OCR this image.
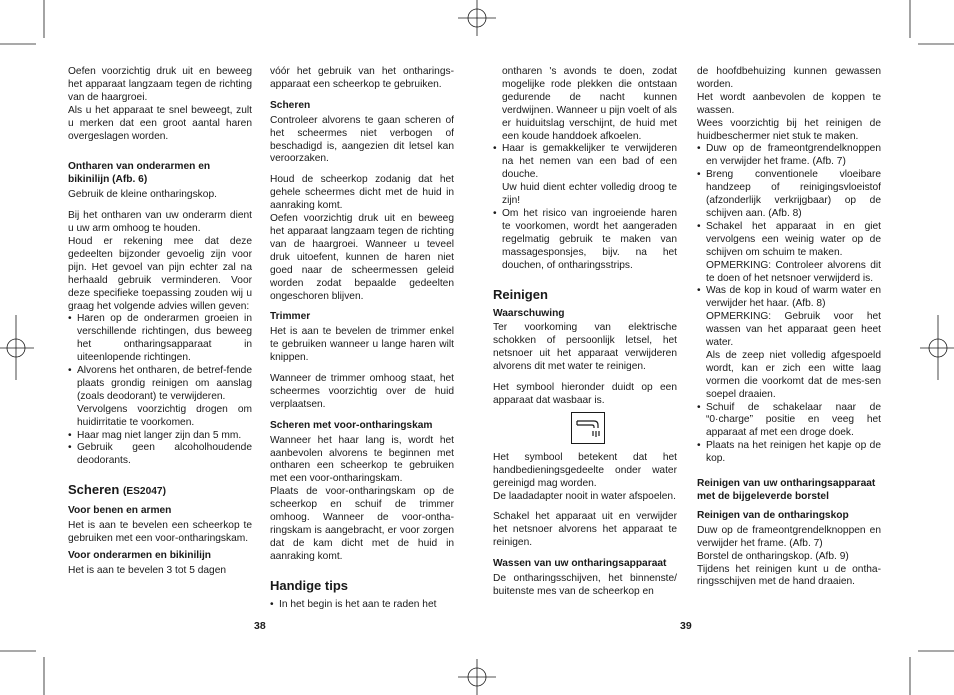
Oefen voorzichtig druk uit en beweeg het apparaat langzaam tegen de richting van de haargroei.
Als u het apparaat te snel beweegt, zult u merken dat een groot aantal haren overgeslagen worden.

Ontharen van onderarmen en bikinilijn (Afb. 6)

Gebruik de kleine ontharingskop.

Bij het ontharen van uw onderarm dient u uw arm omhoog te houden.
Houd er rekening mee dat deze gedeelten bijzonder gevoelig zijn voor pijn. Het gevoel van pijn echter zal na herhaald gebruik verminderen. Voor deze specifieke toepassing zouden wij u graag het volgende advies willen geven:

• Haren op de onderarmen groeien in verschillende richtingen, dus beweeg het ontharingsapparaat in uiteenlopende richtingen.
• Alvorens het ontharen, de betref-fende plaats grondig reinigen om aanslag (zoals deodorant) te verwijderen.
Vervolgens voorzichtig drogen om huidirritatie te voorkomen.
• Haar mag niet langer zijn dan 5 mm.
• Gebruik geen alcoholhoudende deodorants.
Scheren (ES2047)
Voor benen en armen

Het is aan te bevelen een scheerkop te gebruiken met een voor-ontharingskam.

Voor onderarmen en bikinilijn

Het is aan te bevelen 3 tot 5 dagen

vóór het gebruik van het ontharings-apparaat een scheerkop te gebruiken.

Scheren

Controleer alvorens te gaan scheren of het scheermes niet verbogen of beschadigd is, aangezien dit letsel kan veroorzaken.

Houd de scheerkop zodanig dat het gehele scheermes dicht met de huid in aanraking komt.
Oefen voorzichtig druk uit en beweeg het apparaat langzaam tegen de richting van de haargroei. Wanneer u teveel druk uitoefent, kunnen de haren niet goed naar de scheermessen geleid worden zodat bepaalde gedeelten ongeschoren blijven.

Trimmer

Het is aan te bevelen de trimmer enkel te gebruiken wanneer u lange haren wilt knippen.

Wanneer de trimmer omhoog staat, het scheermes voorzichtig over de huid verplaatsen.

Scheren met voor-ontharingskam

Wanneer het haar lang is, wordt het aanbevolen alvorens te beginnen met ontharen een scheerkop te gebruiken met een voor-ontharingskam.
Plaats de voor-ontharingskam op de scheerkop en schuif de trimmer omhoog. Wanneer de voor-ontha-ringskam is aangebracht, er voor zorgen dat de kam dicht met de huid in aanraking komt.

Handige tips
• In het begin is het aan te raden het

ontharen 's avonds te doen, zodat mogelijke rode plekken die ontstaan gedurende de nacht kunnen verdwijnen. Wanneer u pijn voelt of als er huiduitslag verschijnt, de huid met een koude handdoek afkoelen.

• Haar is gemakkelijker te verwijderen na het nemen van een bad of een douche.
Uw huid dient echter volledig droog te zijn!
• Om het risico van ingroeiende haren te voorkomen, wordt het aangeraden regelmatig gebruik te maken van massagesponsjes, bijv. na het douchen, of ontharingsstrips.
Reinigen
Waarschuwing

Ter voorkoming van elektrische schokken of persoonlijk letsel, het netsnoer uit het apparaat verwijderen alvorens dit met water te reinigen.

Het symbool hieronder duidt op een apparaat dat wasbaar is.

Het symbool betekent dat het handbedieningsgedeelte onder water gereinigd mag worden.
De laadadapter nooit in water afspoelen.

Schakel het apparaat uit en verwijder het netsnoer alvorens het apparaat te reinigen.

Wassen van uw ontharingsapparaat

De ontharingsschijven, het binnenste/ buitenste mes van de scheerkop en

de hoofdbehuizing kunnen gewassen worden.
Het wordt aanbevolen de koppen te wassen.
Wees voorzichtig bij het reinigen de huidbeschermer niet stuk te maken.

• Duw op de frameontgrendelknoppen en verwijder het frame. (Afb. 7)
• Breng conventionele vloeibare handzeep of reinigingsvloeistof (afzonderlijk verkrijgbaar) op de schijven aan. (Afb. 8)
• Schakel het apparaat in en giet vervolgens een weinig water op de schijven om schuim te maken.
OPMERKING: Controleer alvorens dit te doen of het netsnoer verwijderd is.
• Was de kop in koud of warm water en verwijder het haar. (Afb. 8)
OPMERKING: Gebruik voor het wassen van het apparaat geen heet water.
Als de zeep niet volledig afgespoeld wordt, kan er zich een witte laag vormen die voorkomt dat de mes-sen soepel draaien.
• Schuif de schakelaar naar de “0·charge” positie en veeg het apparaat af met een droge doek.
• Plaats na het reinigen het kapje op de kop.
Reinigen van uw ontharingsapparaat met de bijgeleverde borstel
Reinigen van de ontharingskop

Duw op de frameontgrendelknoppen en verwijder het frame. (Afb. 7)
Borstel de ontharingskop. (Afb. 9)
Tijdens het reinigen kunt u de ontha-ringsschijven met de hand draaien.

38	39
